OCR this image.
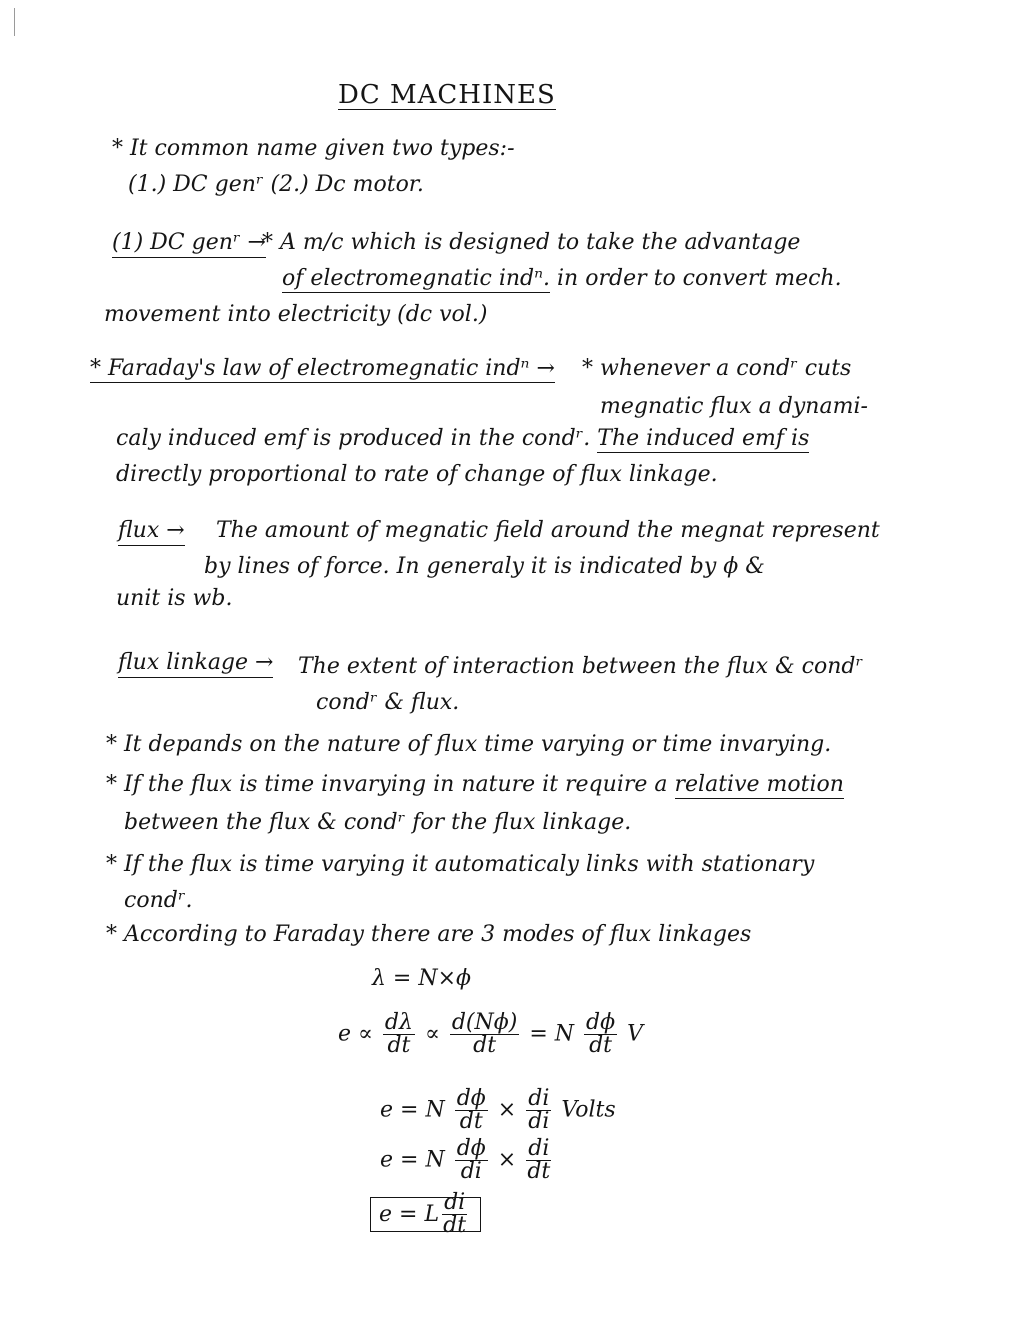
DC MACHINES
* It common name given two types:-
(1.) DC genʳ (2.) Dc motor.
(1) DC genʳ →
* A m/c which is designed to take the advantage
of electromegnatic indⁿ. in order to convert mech.
movement into electricity (dc vol.)
* Faraday's law of electromegnatic indⁿ → * whenever a condʳ cuts
megnatic flux a dynami-
caly induced emf is produced in the condʳ. The induced emf is
directly proportional to rate of change of flux linkage.
flux → The amount of megnatic field around the megnat represent
by lines of force. In generaly it is indicated by ϕ &
unit is wb.
flux linkage → The extent of interaction between the flux & condʳ
condʳ & flux.
* It depands on the nature of flux time varying or time invarying.
* If the flux is time invarying in nature it require a relative motion
between the flux & condʳ for the flux linkage.
* If the flux is time varying it automaticaly links with stationary
condʳ.
* According to Faraday there are 3 modes of flux linkages
λ = N×ϕ
$e \propto \frac{d\lambda}{dt} \propto \frac{d(N\phi)}{dt} = N \frac{d\phi}{dt}$ V
e = N $\frac{d\phi}{dt} \times \frac{di}{di}$ Volts
e = N $\frac{d\phi}{di} \times \frac{di}{dt}$
e = L $\frac{di}{dt}$
